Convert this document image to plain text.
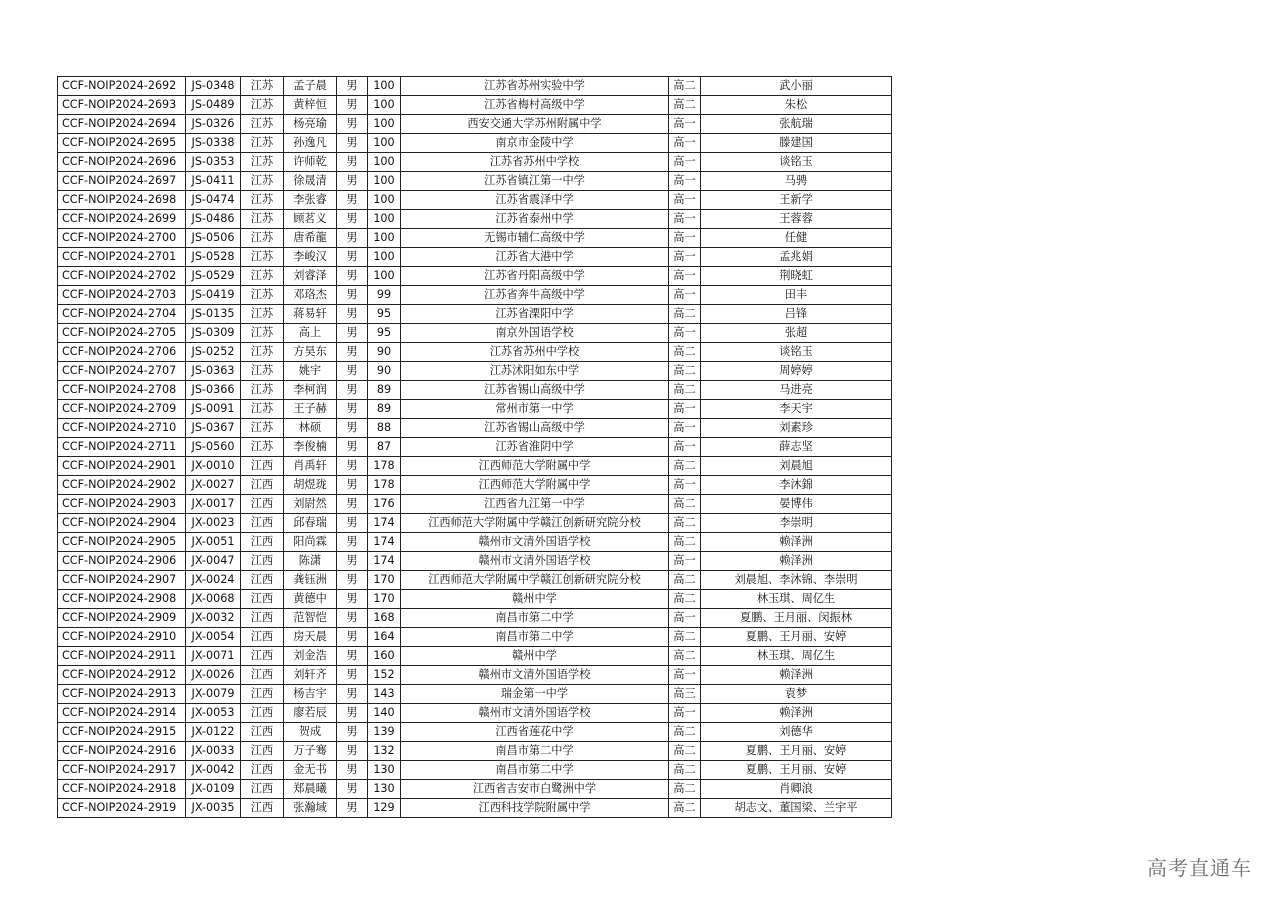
CCF-NOIP2024-2692	JS-0348	江苏	孟子晨	男	100	江苏省苏州实验中学	高二	武小丽
CCF-NOIP2024-2693	JS-0489	江苏	黄梓恒	男	100	江苏省梅村高级中学	高二	朱松
CCF-NOIP2024-2694	JS-0326	江苏	杨亮瑜	男	100	西安交通大学苏州附属中学	高一	张航瑞
CCF-NOIP2024-2695	JS-0338	江苏	孙逸凡	男	100	南京市金陵中学	高一	滕建国
CCF-NOIP2024-2696	JS-0353	江苏	许师乾	男	100	江苏省苏州中学校	高一	谈铭玉
CCF-NOIP2024-2697	JS-0411	江苏	徐晟清	男	100	江苏省镇江第一中学	高一	马骋
CCF-NOIP2024-2698	JS-0474	江苏	李张睿	男	100	江苏省震泽中学	高一	王新学
CCF-NOIP2024-2699	JS-0486	江苏	顾茗义	男	100	江苏省泰州中学	高一	王蓉蓉
CCF-NOIP2024-2700	JS-0506	江苏	唐希龍	男	100	无锡市辅仁高级中学	高一	任健
CCF-NOIP2024-2701	JS-0528	江苏	李峻汉	男	100	江苏省大港中学	高一	孟兆娟
CCF-NOIP2024-2702	JS-0529	江苏	刘睿泽	男	100	江苏省丹阳高级中学	高一	荆晓虹
CCF-NOIP2024-2703	JS-0419	江苏	邓珞杰	男	99	江苏省奔牛高级中学	高一	田丰
CCF-NOIP2024-2704	JS-0135	江苏	蒋易轩	男	95	江苏省溧阳中学	高二	吕锋
CCF-NOIP2024-2705	JS-0309	江苏	高上	男	95	南京外国语学校	高一	张超
CCF-NOIP2024-2706	JS-0252	江苏	方昊东	男	90	江苏省苏州中学校	高二	谈铭玉
CCF-NOIP2024-2707	JS-0363	江苏	姚宇	男	90	江苏沭阳如东中学	高二	周婷婷
CCF-NOIP2024-2708	JS-0366	江苏	李柯润	男	89	江苏省锡山高级中学	高二	马进亮
CCF-NOIP2024-2709	JS-0091	江苏	王子赫	男	89	常州市第一中学	高一	李天宇
CCF-NOIP2024-2710	JS-0367	江苏	林硕	男	88	江苏省锡山高级中学	高一	刘素珍
CCF-NOIP2024-2711	JS-0560	江苏	李俊楠	男	87	江苏省淮阴中学	高一	薛志坚
CCF-NOIP2024-2901	JX-0010	江西	肖禹轩	男	178	江西师范大学附属中学	高二	刘晨旭
CCF-NOIP2024-2902	JX-0027	江西	胡煜珑	男	178	江西师范大学附属中学	高一	李沐錦
CCF-NOIP2024-2903	JX-0017	江西	刘尉然	男	176	江西省九江第一中学	高二	晏博伟
CCF-NOIP2024-2904	JX-0023	江西	邱春瑞	男	174	江西师范大学附属中学赣江创新研究院分校	高二	李崇明
CCF-NOIP2024-2905	JX-0051	江西	阳尚霖	男	174	赣州市文清外国语学校	高二	赖泽洲
CCF-NOIP2024-2906	JX-0047	江西	陈潇	男	174	赣州市文清外国语学校	高一	赖泽洲
CCF-NOIP2024-2907	JX-0024	江西	龚钰洲	男	170	江西师范大学附属中学赣江创新研究院分校	高二	刘晨旭、李沐锦、李崇明
CCF-NOIP2024-2908	JX-0068	江西	黄德中	男	170	赣州中学	高二	林玉琪、周亿生
CCF-NOIP2024-2909	JX-0032	江西	范智恺	男	168	南昌市第二中学	高一	夏鹏、王月丽、闵振林
CCF-NOIP2024-2910	JX-0054	江西	房天晨	男	164	南昌市第二中学	高二	夏鹏、王月丽、安婷
CCF-NOIP2024-2911	JX-0071	江西	刘金浩	男	160	赣州中学	高二	林玉琪、周亿生
CCF-NOIP2024-2912	JX-0026	江西	刘轩齐	男	152	赣州市文清外国语学校	高一	赖泽洲
CCF-NOIP2024-2913	JX-0079	江西	杨吉宇	男	143	瑞金第一中学	高三	袁梦
CCF-NOIP2024-2914	JX-0053	江西	廖若辰	男	140	赣州市文清外国语学校	高一	赖泽洲
CCF-NOIP2024-2915	JX-0122	江西	贺成	男	139	江西省莲花中学	高二	刘德华
CCF-NOIP2024-2916	JX-0033	江西	万子骞	男	132	南昌市第二中学	高二	夏鹏、王月丽、安婷
CCF-NOIP2024-2917	JX-0042	江西	金无书	男	130	南昌市第二中学	高二	夏鹏、王月丽、安婷
CCF-NOIP2024-2918	JX-0109	江西	郑晨曦	男	130	江西省吉安市白鹭洲中学	高二	肖卿浪
CCF-NOIP2024-2919	JX-0035	江西	张瀚域	男	129	江西科技学院附属中学	高二	胡志文、董国梁、兰宇平
高考直通车
